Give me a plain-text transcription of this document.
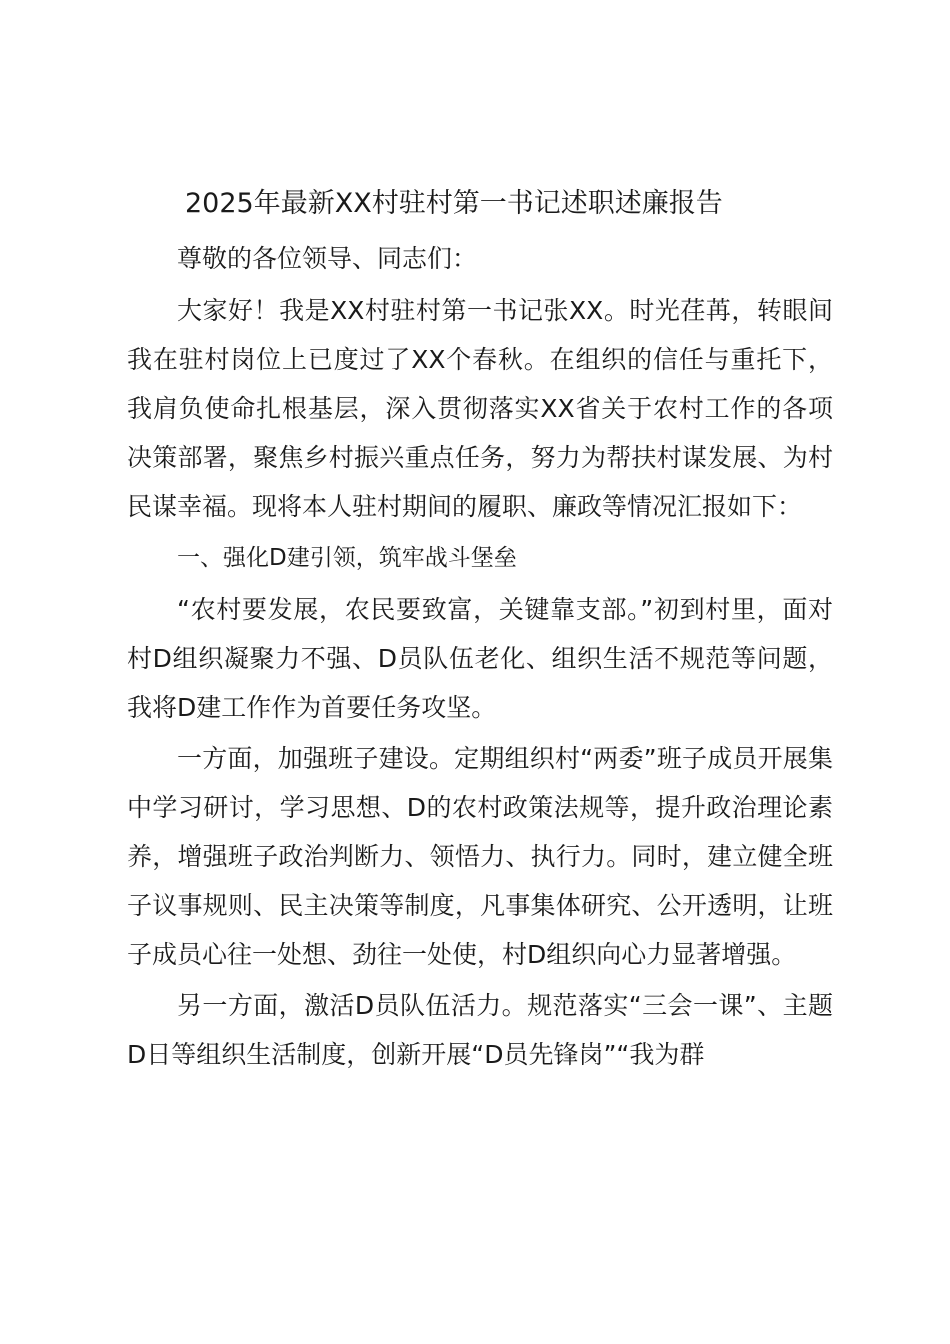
2025年最新XX村驻村第一书记述职述廉报告

尊敬的各位领导、同志们：

大家好！我是XX村驻村第一书记张XX。时光荏苒，转眼间我在驻村岗位上已度过了XX个春秋。在组织的信任与重托下，我肩负使命扎根基层，深入贯彻落实XX省关于农村工作的各项决策部署，聚焦乡村振兴重点任务，努力为帮扶村谋发展、为村民谋幸福。现将本人驻村期间的履职、廉政等情况汇报如下：

一、强化D建引领，筑牢战斗堡垒

“农村要发展，农民要致富，关键靠支部。”初到村里，面对村D组织凝聚力不强、D员队伍老化、组织生活不规范等问题，我将D建工作作为首要任务攻坚。

一方面，加强班子建设。定期组织村“两委”班子成员开展集中学习研讨，学习思想、D的农村政策法规等，提升政治理论素养，增强班子政治判断力、领悟力、执行力。同时，建立健全班子议事规则、民主决策等制度，凡事集体研究、公开透明，让班子成员心往一处想、劲往一处使，村D组织向心力显著增强。

另一方面，激活D员队伍活力。规范落实“三会一课”、主题D日等组织生活制度，创新开展“D员先锋岗”“我为群
